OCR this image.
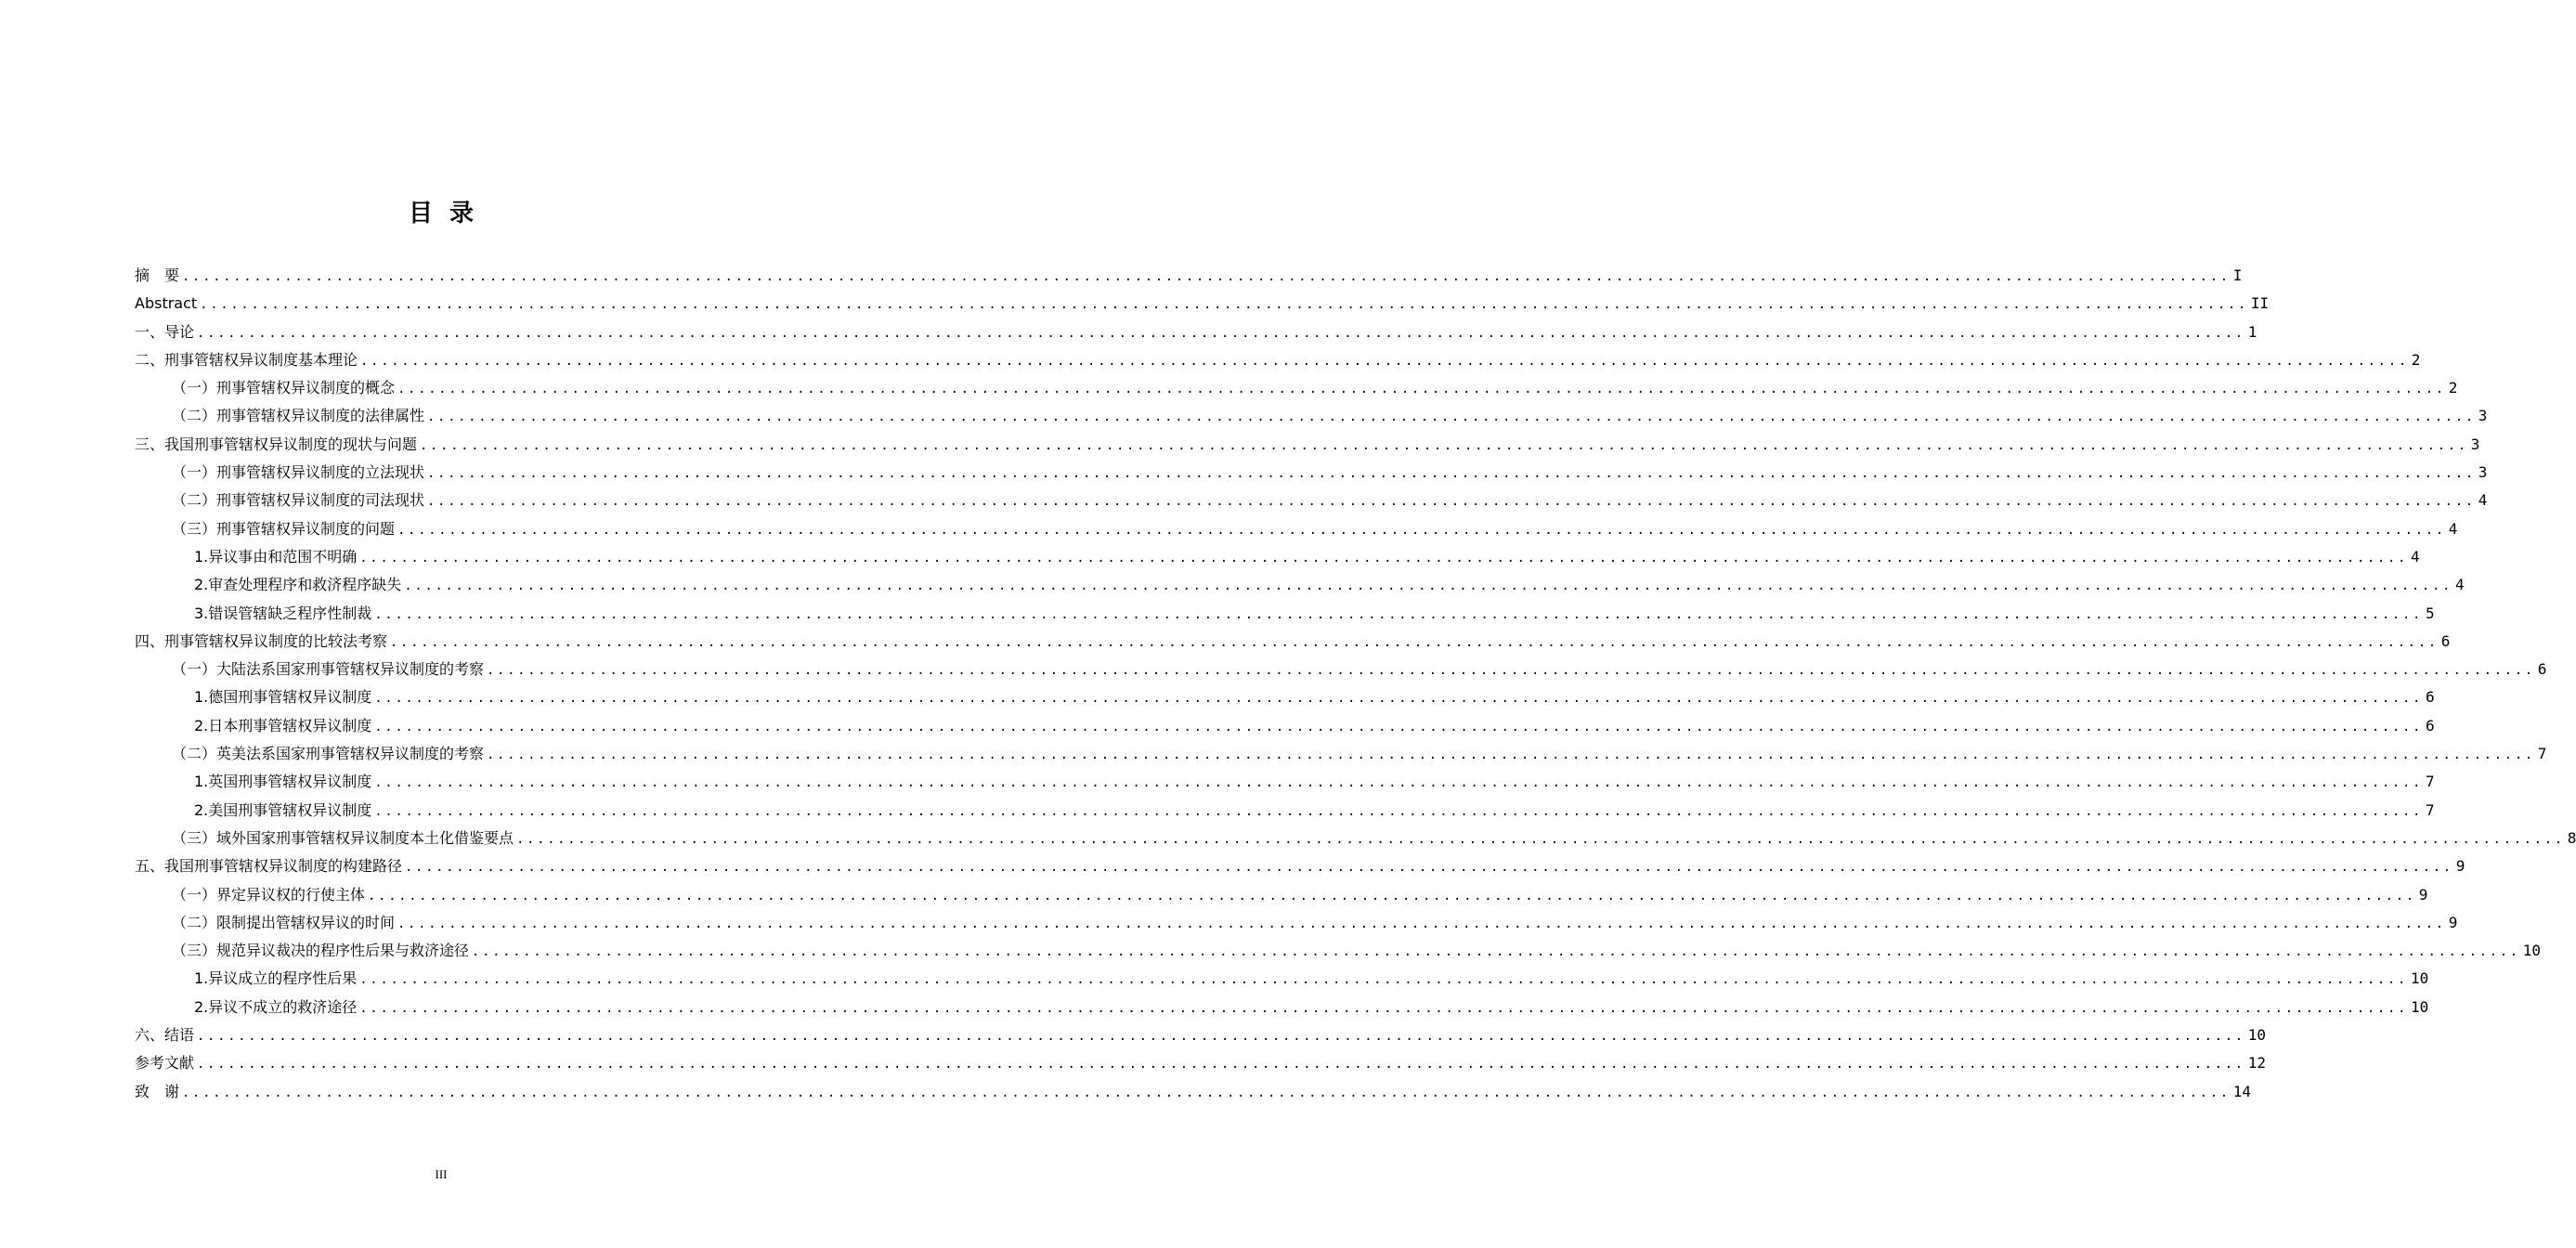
目录
摘　要 ........................................................................................................................................................................................................ I
Abstract ........................................................................................................................................................................................................ II
一、导论 ........................................................................................................................................................................................................ 1
二、刑事管辖权异议制度基本理论 ........................................................................................................................................................................................................ 2
（一）刑事管辖权异议制度的概念 ........................................................................................................................................................................................................ 2
（二）刑事管辖权异议制度的法律属性 ........................................................................................................................................................................................................ 3
三、我国刑事管辖权异议制度的现状与问题 ........................................................................................................................................................................................................ 3
（一）刑事管辖权异议制度的立法现状 ........................................................................................................................................................................................................ 3
（二）刑事管辖权异议制度的司法现状 ........................................................................................................................................................................................................ 4
（三）刑事管辖权异议制度的问题 ........................................................................................................................................................................................................ 4
1.异议事由和范围不明确 ........................................................................................................................................................................................................ 4
2.审查处理程序和救济程序缺失 ........................................................................................................................................................................................................ 4
3.错误管辖缺乏程序性制裁 ........................................................................................................................................................................................................ 5
四、刑事管辖权异议制度的比较法考察 ........................................................................................................................................................................................................ 6
（一）大陆法系国家刑事管辖权异议制度的考察 ........................................................................................................................................................................................................ 6
1.德国刑事管辖权异议制度 ........................................................................................................................................................................................................ 6
2.日本刑事管辖权异议制度 ........................................................................................................................................................................................................ 6
（二）英美法系国家刑事管辖权异议制度的考察 ........................................................................................................................................................................................................ 7
1.英国刑事管辖权异议制度 ........................................................................................................................................................................................................ 7
2.美国刑事管辖权异议制度 ........................................................................................................................................................................................................ 7
（三）域外国家刑事管辖权异议制度本土化借鉴要点 ........................................................................................................................................................................................................ 8
五、我国刑事管辖权异议制度的构建路径 ........................................................................................................................................................................................................ 9
（一）界定异议权的行使主体 ........................................................................................................................................................................................................ 9
（二）限制提出管辖权异议的时间 ........................................................................................................................................................................................................ 9
（三）规范异议裁决的程序性后果与救济途径 ........................................................................................................................................................................................................ 10
1.异议成立的程序性后果 ........................................................................................................................................................................................................ 10
2.异议不成立的救济途径 ........................................................................................................................................................................................................ 10
六、结语 ........................................................................................................................................................................................................ 10
参考文献 ........................................................................................................................................................................................................ 12
致　谢 ........................................................................................................................................................................................................ 14
III
